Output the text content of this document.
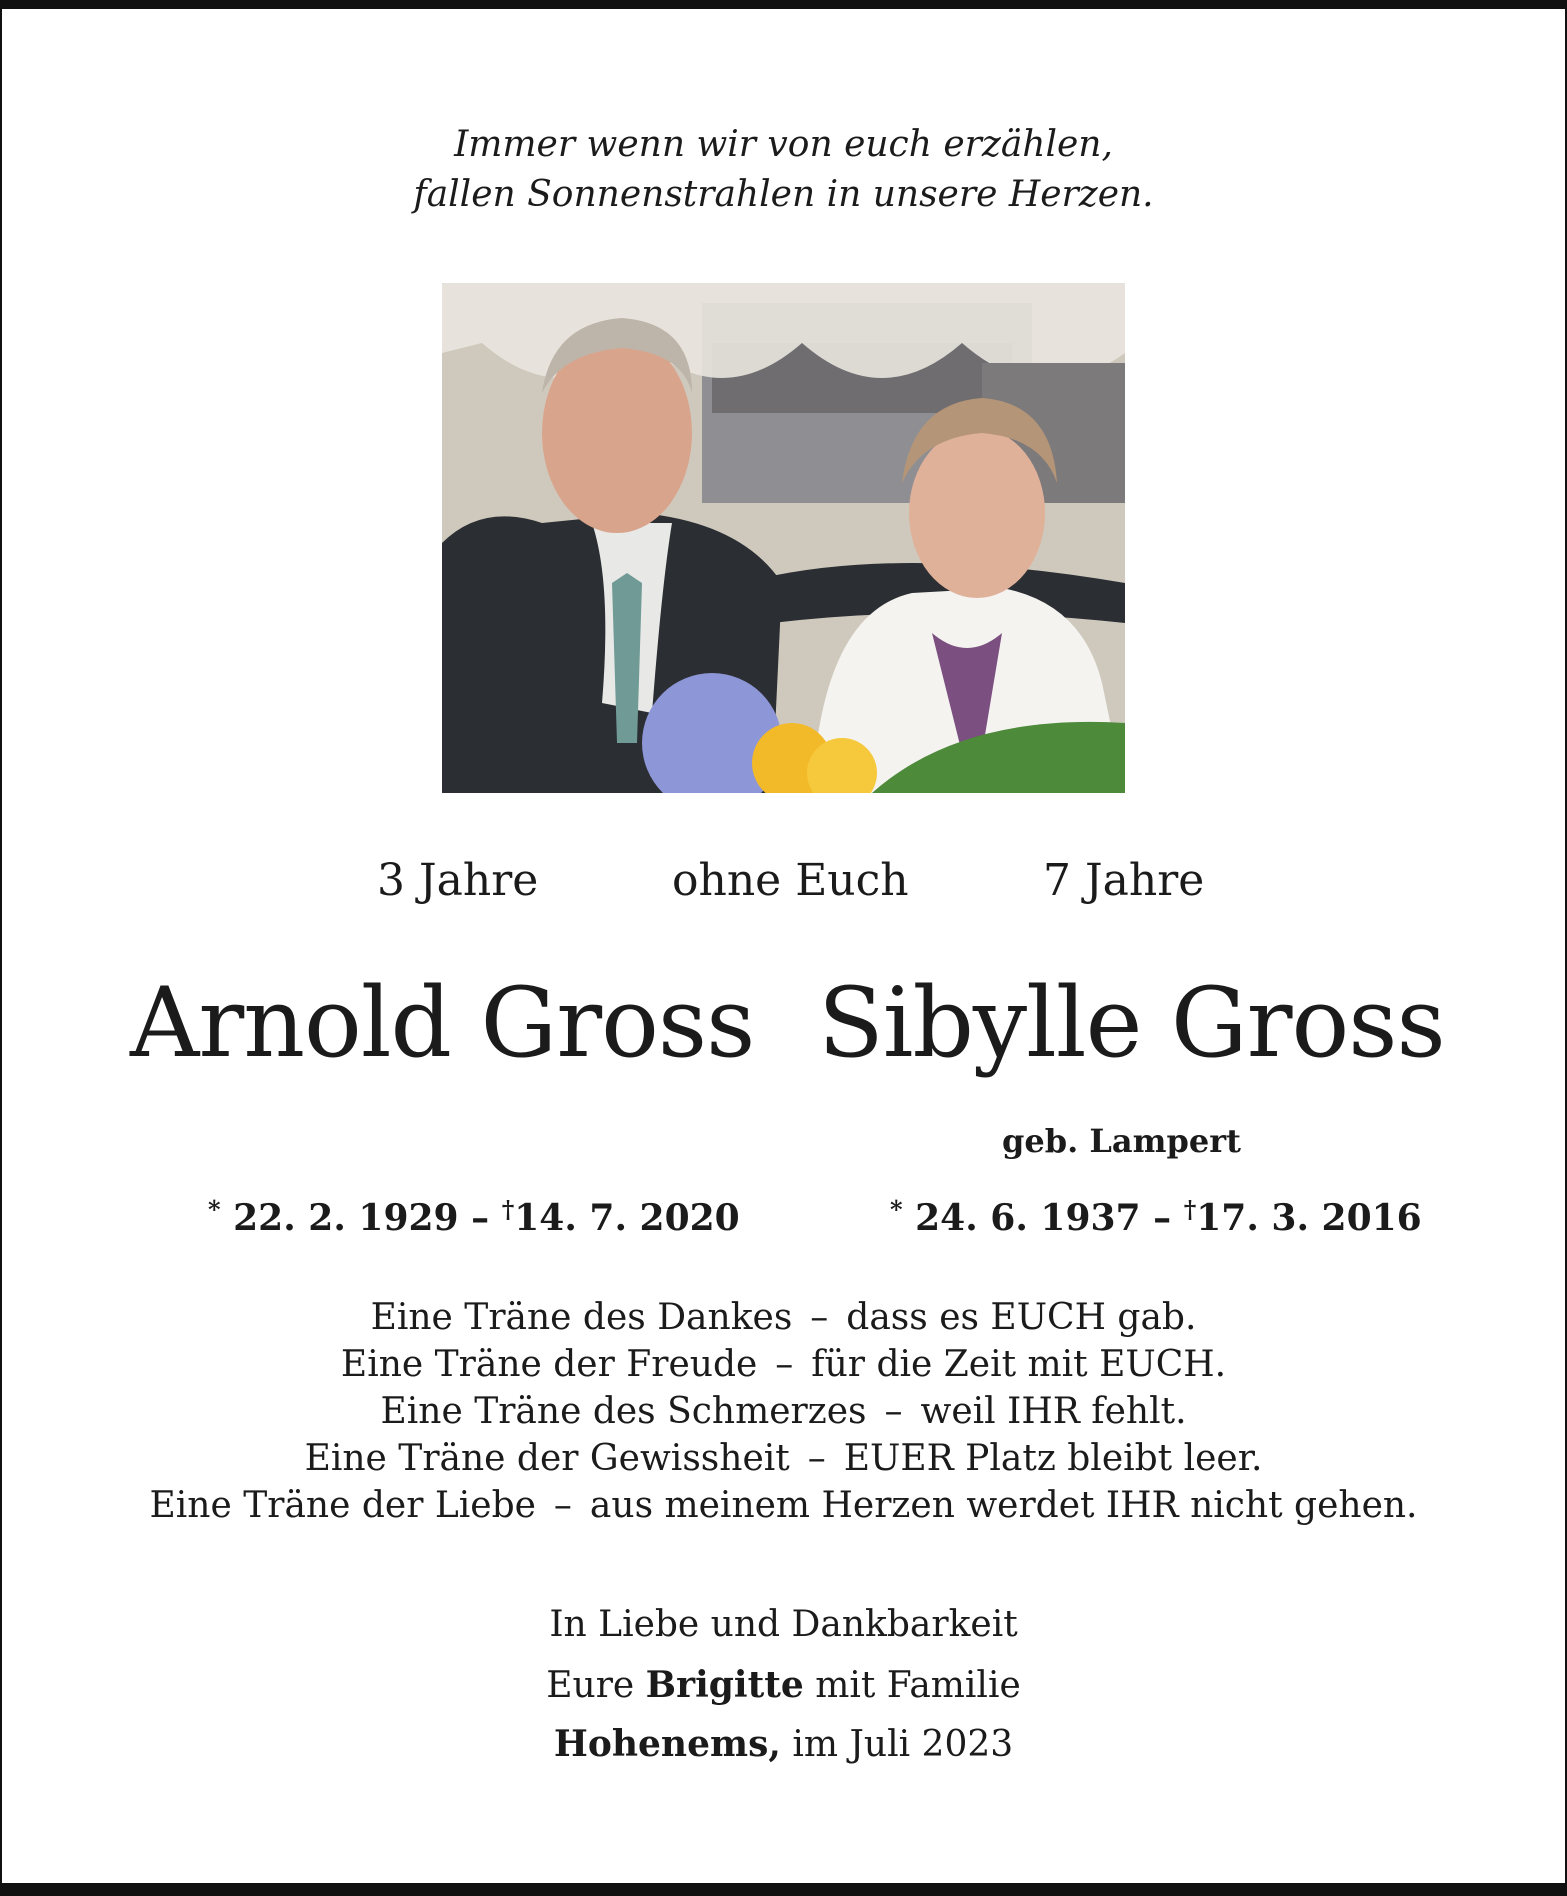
Immer wenn wir von euch erzählen,
fallen Sonnenstrahlen in unsere Herzen.
3 Jahre	ohne Euch	7 Jahre
Arnold Gross Sibylle Gross
geb. Lampert
* 22. 2. 1929 – †14. 7. 2020	* 24. 6. 1937 – †17. 3. 2016
Eine Träne des Dankes – dass es EUCH gab.
Eine Träne der Freude – für die Zeit mit EUCH.
Eine Träne des Schmerzes – weil IHR fehlt.
Eine Träne der Gewissheit – EUER Platz bleibt leer.
Eine Träne der Liebe – aus meinem Herzen werdet IHR nicht gehen.
In Liebe und Dankbarkeit
Eure Brigitte mit Familie
Hohenems, im Juli 2023
